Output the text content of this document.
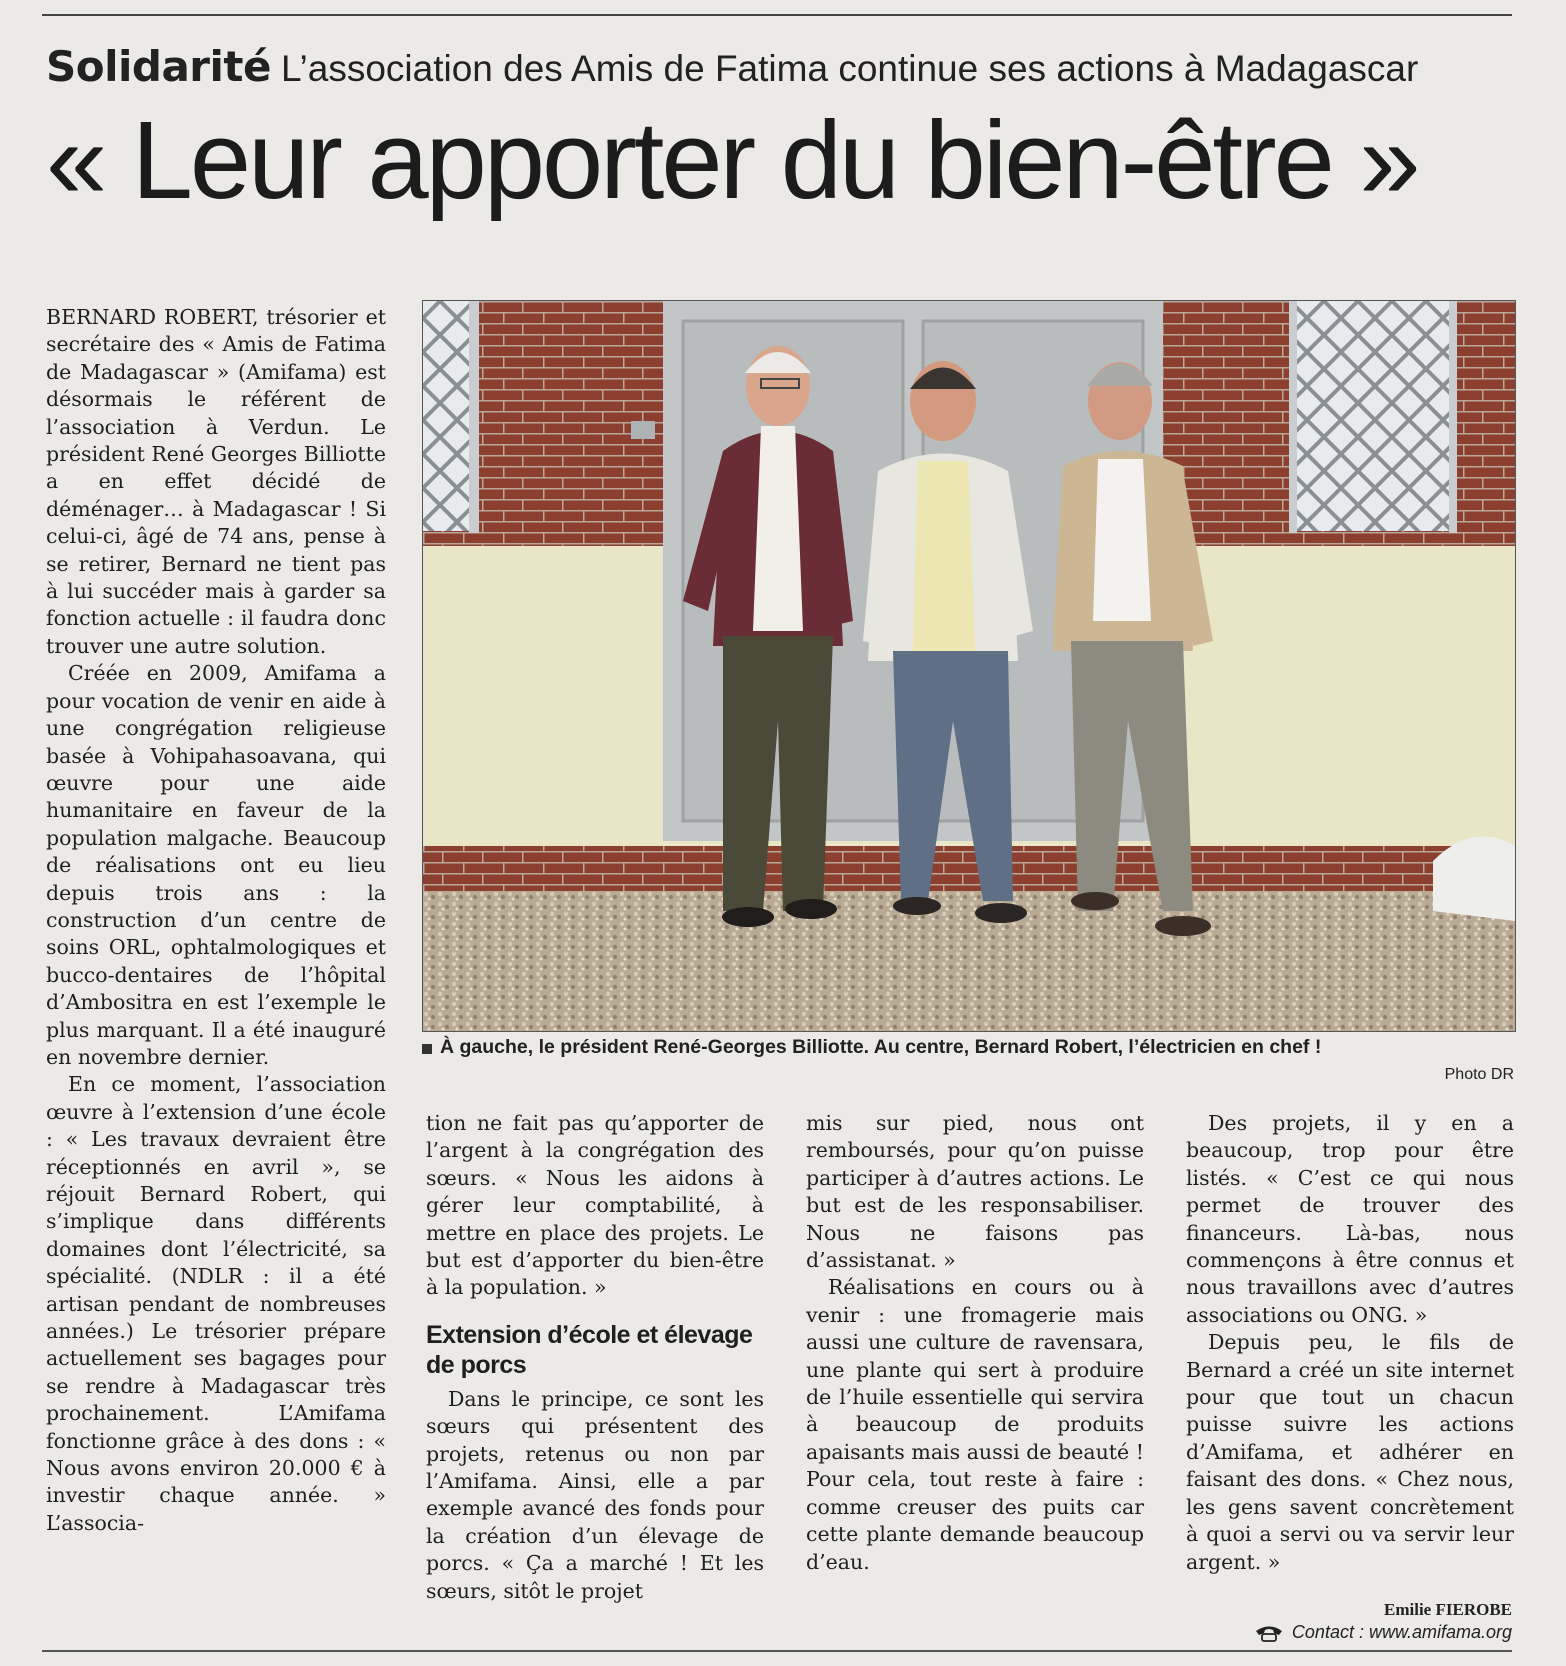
Solidarité L’association des Amis de Fatima continue ses actions à Madagascar
« Leur apporter du bien-être »

BERNARD ROBERT, trésorier et secrétaire des « Amis de Fatima de Madagascar » (Amifama) est désormais le référent de l’association à Verdun. Le président René Georges Billiotte a en effet décidé de déménager… à Madagascar ! Si celui-ci, âgé de 74 ans, pense à se retirer, Bernard ne tient pas à lui succéder mais à garder sa fonction actuelle : il faudra donc trouver une autre solution.

Créée en 2009, Amifama a pour vocation de venir en aide à une congrégation religieuse basée à Vohipahasoavana, qui œuvre pour une aide humanitaire en faveur de la population malgache. Beaucoup de réalisations ont eu lieu depuis trois ans : la construction d’un centre de soins ORL, ophtalmologiques et bucco-dentaires de l’hôpital d’Ambositra en est l’exemple le plus marquant. Il a été inauguré en novembre dernier.

En ce moment, l’association œuvre à l’extension d’une école : « Les travaux devraient être réceptionnés en avril », se réjouit Bernard Robert, qui s’implique dans différents domaines dont l’électricité, sa spécialité. (NDLR : il a été artisan pendant de nombreuses années.) Le trésorier prépare actuellement ses bagages pour se rendre à Madagascar très prochainement. L’Amifama fonctionne grâce à des dons : « Nous avons environ 20.000 € à investir chaque année. » L’associa-

À gauche, le président René-Georges Billiotte. Au centre, Bernard Robert, l’électricien en chef !
Photo DR

tion ne fait pas qu’apporter de l’argent à la congrégation des sœurs. « Nous les aidons à gérer leur comptabilité, à mettre en place des projets. Le but est d’apporter du bien-être à la population. »

Extension d’école et élevage de porcs

Dans le principe, ce sont les sœurs qui présentent des projets, retenus ou non par l’Amifama. Ainsi, elle a par exemple avancé des fonds pour la création d’un élevage de porcs. « Ça a marché ! Et les sœurs, sitôt le projet

mis sur pied, nous ont remboursés, pour qu’on puisse participer à d’autres actions. Le but est de les responsabiliser. Nous ne faisons pas d’assistanat. »

Réalisations en cours ou à venir : une fromagerie mais aussi une culture de ravensara, une plante qui sert à produire de l’huile essentielle qui servira à beaucoup de produits apaisants mais aussi de beauté ! Pour cela, tout reste à faire : comme creuser des puits car cette plante demande beaucoup d’eau.

Des projets, il y en a beaucoup, trop pour être listés. « C’est ce qui nous permet de trouver des financeurs. Là-bas, nous commençons à être connus et nous travaillons avec d’autres associations ou ONG. »

Depuis peu, le fils de Bernard a créé un site internet pour que tout un chacun puisse suivre les actions d’Amifama, et adhérer en faisant des dons. « Chez nous, les gens savent concrètement à quoi a servi ou va servir leur argent. »

Emilie FIEROBE
Contact : www.amifama.org
